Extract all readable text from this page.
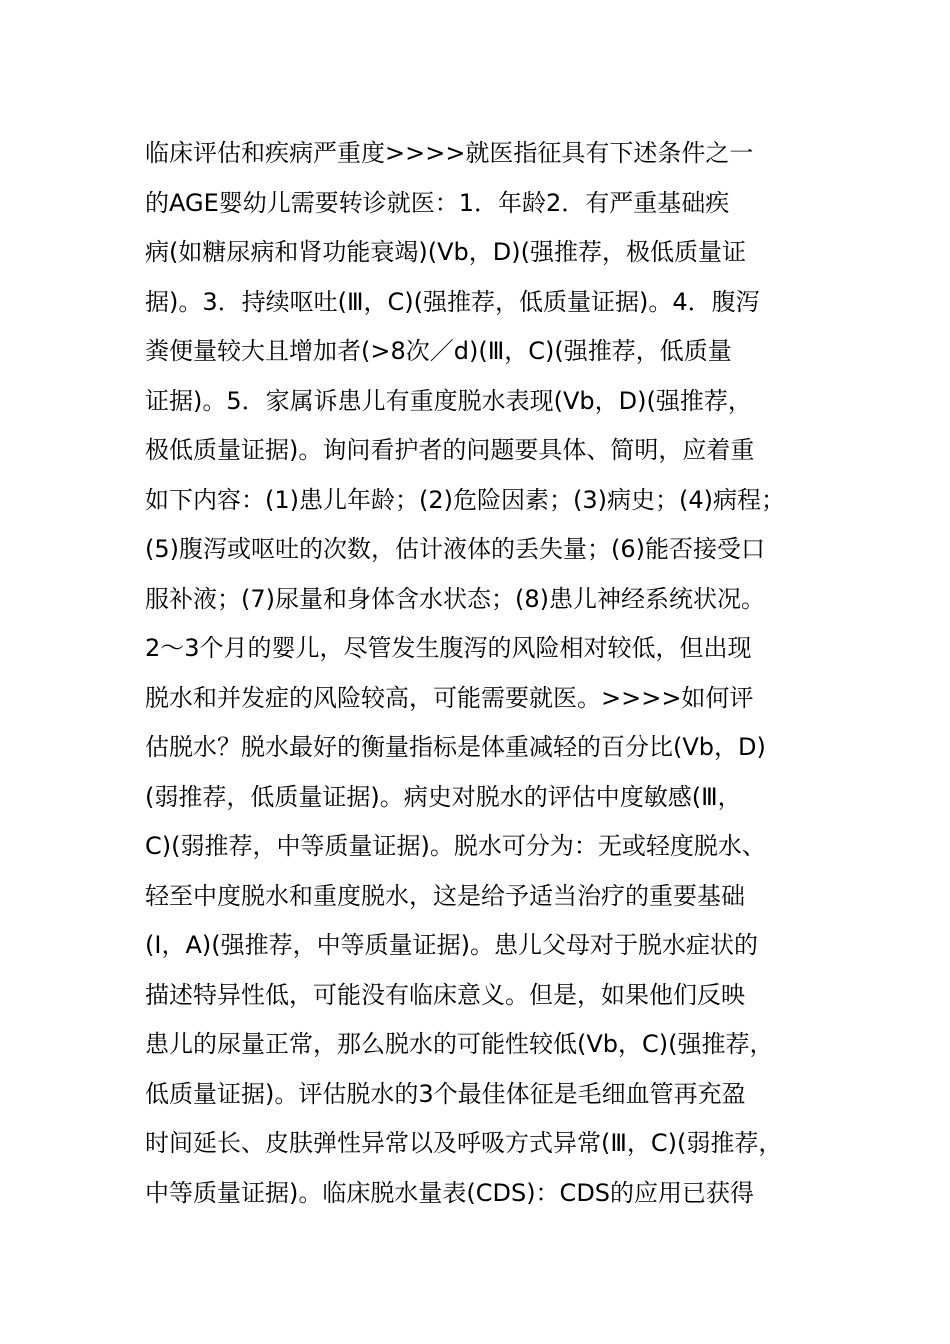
临床评估和疾病严重度>>>>就医指征具有下述条件之一
的AGE婴幼儿需要转诊就医：1．年龄2．有严重基础疾
病(如糖尿病和肾功能衰竭)(Vb，D)(强推荐，极低质量证
据)。3．持续呕吐(Ⅲ，C)(强推荐，低质量证据)。4．腹泻
粪便量较大且增加者(>8次／d)(Ⅲ，C)(强推荐，低质量
证据)。5．家属诉患儿有重度脱水表现(Vb，D)(强推荐，
极低质量证据)。询问看护者的问题要具体、简明，应着重
如下内容：(1)患儿年龄；(2)危险因素；(3)病史；(4)病程；
(5)腹泻或呕吐的次数，估计液体的丢失量；(6)能否接受口
服补液；(7)尿量和身体含水状态；(8)患儿神经系统状况。
2～3个月的婴儿，尽管发生腹泻的风险相对较低，但出现
脱水和并发症的风险较高，可能需要就医。>>>>如何评
估脱水？脱水最好的衡量指标是体重减轻的百分比(Vb，D)
(弱推荐，低质量证据)。病史对脱水的评估中度敏感(Ⅲ，
C)(弱推荐，中等质量证据)。脱水可分为：无或轻度脱水、
轻至中度脱水和重度脱水，这是给予适当治疗的重要基础
(I，A)(强推荐，中等质量证据)。患儿父母对于脱水症状的
描述特异性低，可能没有临床意义。但是，如果他们反映
患儿的尿量正常，那么脱水的可能性较低(Vb，C)(强推荐，
低质量证据)。评估脱水的3个最佳体征是毛细血管再充盈
时间延长、皮肤弹性异常以及呼吸方式异常(Ⅲ，C)(弱推荐，
中等质量证据)。临床脱水量表(CDS)：CDS的应用已获得
